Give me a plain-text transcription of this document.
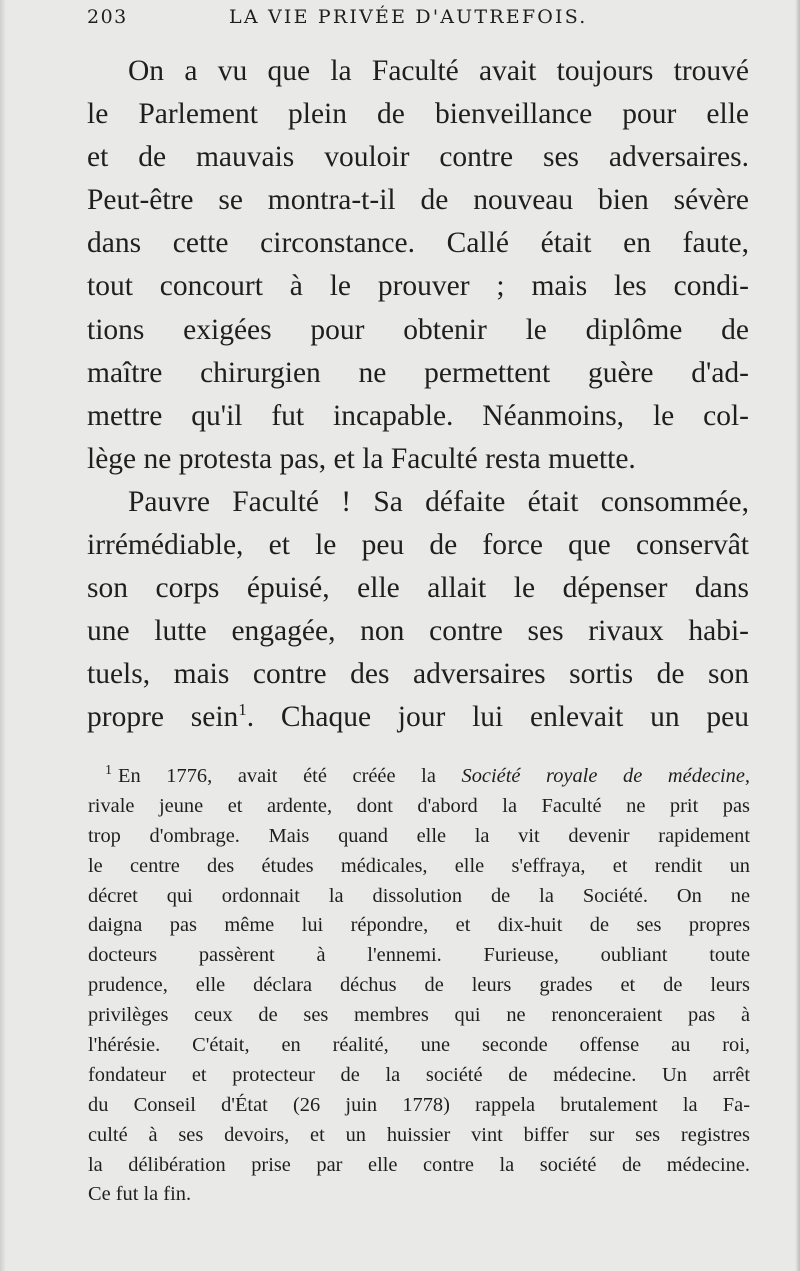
203	LA VIE PRIVÉE D'AUTREFOIS.
On a vu que la Faculté avait toujours trouvé
le Parlement plein de bienveillance pour elle
et de mauvais vouloir contre ses adversaires.
Peut-être se montra-t-il de nouveau bien sévère
dans cette circonstance. Callé était en faute,
tout concourt à le prouver ; mais les condi-
tions exigées pour obtenir le diplôme de
maître chirurgien ne permettent guère d'ad-
mettre qu'il fut incapable. Néanmoins, le col-
lège ne protesta pas, et la Faculté resta muette.
Pauvre Faculté ! Sa défaite était consommée,
irrémédiable, et le peu de force que conservât
son corps épuisé, elle allait le dépenser dans
une lutte engagée, non contre ses rivaux habi-
tuels, mais contre des adversaires sortis de son
propre sein$^1$. Chaque jour lui enlevait un peu
$^1$ En 1776, avait été créée la Société royale de médecine,
rivale jeune et ardente, dont d'abord la Faculté ne prit pas
trop d'ombrage. Mais quand elle la vit devenir rapidement
le centre des études médicales, elle s'effraya, et rendit un
décret qui ordonnait la dissolution de la Société. On ne
daigna pas même lui répondre, et dix-huit de ses propres
docteurs passèrent à l'ennemi. Furieuse, oubliant toute
prudence, elle déclara déchus de leurs grades et de leurs
privilèges ceux de ses membres qui ne renonceraient pas à
l'hérésie. C'était, en réalité, une seconde offense au roi,
fondateur et protecteur de la société de médecine. Un arrêt
du Conseil d'État (26 juin 1778) rappela brutalement la Fa-
culté à ses devoirs, et un huissier vint biffer sur ses registres
la délibération prise par elle contre la société de médecine.
Ce fut la fin.
